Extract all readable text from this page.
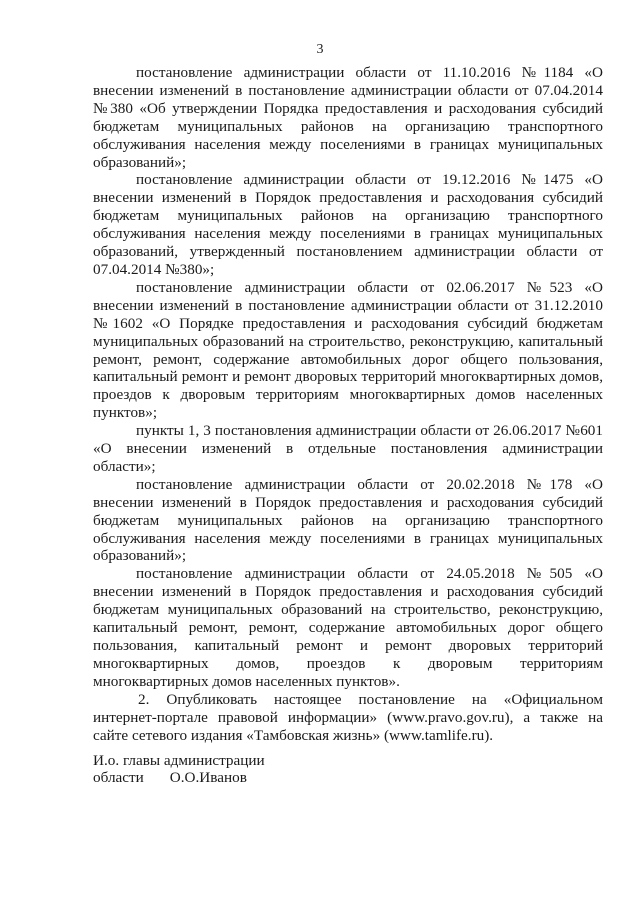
3

постановление администрации области от 11.10.2016 №1184 «О внесении изменений в постановление администрации области от 07.04.2014 №380 «Об утверждении Порядка предоставления и расходования субсидий бюджетам муниципальных районов на организацию транспортного обслуживания населения между поселениями в границах муниципальных образований»;

постановление администрации области от 19.12.2016 №1475 «О внесении изменений в Порядок предоставления и расходования субсидий бюджетам муниципальных районов на организацию транспортного обслуживания населения между поселениями в границах муниципальных образований, утвержденный постановлением администрации области от 07.04.2014 №380»;

постановление администрации области от 02.06.2017 №523 «О внесении изменений в постановление администрации области от 31.12.2010 №1602 «О Порядке предоставления и расходования субсидий бюджетам муниципальных образований на строительство, реконструкцию, капитальный ремонт, ремонт, содержание автомобильных дорог общего пользования, капитальный ремонт и ремонт дворовых территорий многоквартирных домов, проездов к дворовым территориям многоквартирных домов населенных пунктов»;

пункты 1, 3 постановления администрации области от 26.06.2017 №601 «О внесении изменений в отдельные постановления администрации области»;

постановление администрации области от 20.02.2018 №178 «О внесении изменений в Порядок предоставления и расходования субсидий бюджетам муниципальных районов на организацию транспортного обслуживания населения между поселениями в границах муниципальных образований»;

постановление администрации области от 24.05.2018 №505 «О внесении изменений в Порядок предоставления и расходования субсидий бюджетам муниципальных образований на строительство, реконструкцию, капитальный ремонт, ремонт, содержание автомобильных дорог общего пользования, капитальный ремонт и ремонт дворовых территорий многоквартирных домов, проездов к дворовым территориям многоквартирных домов населенных пунктов».

2. Опубликовать настоящее постановление на «Официальном интернет-портале правовой информации» (www.pravo.gov.ru), а также на сайте сетевого издания «Тамбовская жизнь» (www.tamlife.ru).

И.о. главы администрации

области О.О.Иванов
